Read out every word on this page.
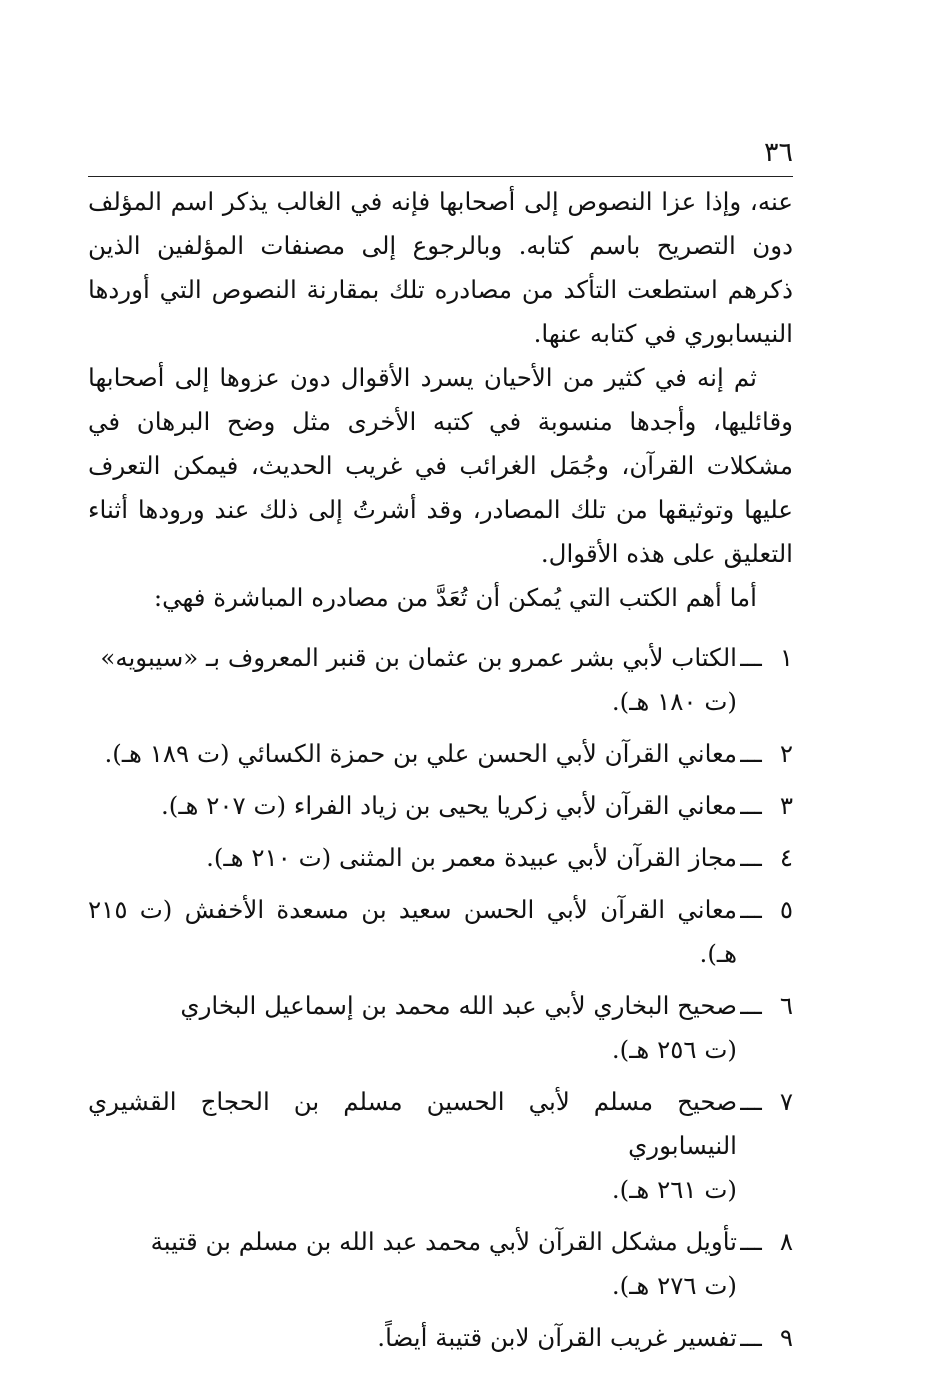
٣٦

عنه، وإذا عزا النصوص إلى أصحابها فإنه في الغالب يذكر اسم المؤلف دون التصريح باسم كتابه. وبالرجوع إلى مصنفات المؤلفين الذين ذكرهم استطعت التأكد من مصادره تلك بمقارنة النصوص التي أوردها النيسابوري في كتابه عنها.

ثم إنه في كثير من الأحيان يسرد الأقوال دون عزوها إلى أصحابها وقائليها، وأجدها منسوبة في كتبه الأخرى مثل وضح البرهان في مشكلات القرآن، وجُمَل الغرائب في غريب الحديث، فيمكن التعرف عليها وتوثيقها من تلك المصادر، وقد أشرتُ إلى ذلك عند ورودها أثناء التعليق على هذه الأقوال.

أما أهم الكتب التي يُمكن أن تُعَدَّ من مصادره المباشرة فهي:

١
ـــ
الكتاب لأبي بشر عمرو بن عثمان بن قنبر المعروف بـ «سيبويه»
(ت ١٨٠ هـ).
٢
ـــ
معاني القرآن لأبي الحسن علي بن حمزة الكسائي (ت ١٨٩ هـ).
٣
ـــ
معاني القرآن لأبي زكريا يحيى بن زياد الفراء (ت ٢٠٧ هـ).
٤
ـــ
مجاز القرآن لأبي عبيدة معمر بن المثنى (ت ٢١٠ هـ).
٥
ـــ
معاني القرآن لأبي الحسن سعيد بن مسعدة الأخفش (ت ٢١٥ هـ).
٦
ـــ
صحيح البخاري لأبي عبد الله محمد بن إسماعيل البخاري
(ت ٢٥٦ هـ).
٧
ـــ
صحيح مسلم لأبي الحسين مسلم بن الحجاج القشيري النيسابوري
(ت ٢٦١ هـ).
٨
ـــ
تأويل مشكل القرآن لأبي محمد عبد الله بن مسلم بن قتيبة
(ت ٢٧٦ هـ).
٩
ـــ
تفسير غريب القرآن لابن قتيبة أيضاً.
